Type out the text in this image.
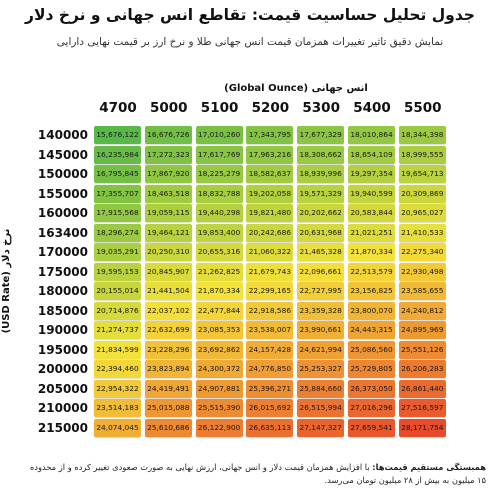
جدول تحلیل حساسیت قیمت: تقاطع انس جهانی و نرخ دلار
نمایش دقیق تاثیر تغییرات همزمان قیمت انس جهانی طلا و نرخ ارز بر قیمت نهایی دارایی
انس جهانی (Global Ounce)
نرخ دلار (USD Rate)
4700 5000 5100 5200 5300 5400 5500
140000	15,676,122	16,676,726	17,010,260	17,343,795	17,677,329	18,010,864	18,344,398
145000	16,235,984	17,272,323	17,617,769	17,963,216	18,308,662	18,654,109	18,999,555
150000	16,795,845	17,867,920	18,225,279	18,582,637	18,939,996	19,297,354	19,654,713
155000	17,355,707	18,463,518	18,832,788	19,202,058	19,571,329	19,940,599	20,309,869
160000	17,915,568	19,059,115	19,440,298	19,821,480	20,202,662	20,583,844	20,965,027
163400	18,296,274	19,464,121	19,853,400	20,242,686	20,631,968	21,021,251	21,410,533
170000	19,035,291	20,250,310	20,655,316	21,060,322	21,465,328	21,870,334	22,275,340
175000	19,595,153	20,845,907	21,262,825	21,679,743	22,096,661	22,513,579	22,930,498
180000	20,155,014	21,441,504	21,870,334	22,299,165	22,727,995	23,156,825	23,585,655
185000	20,714,876	22,037,102	22,477,844	22,918,586	23,359,328	23,800,070	24,240,812
190000	21,274,737	22,632,699	23,085,353	23,538,007	23,990,661	24,443,315	24,895,969
195000	21,834,599	23,228,296	23,692,862	24,157,428	24,621,994	25,086,560	25,551,126
200000	22,394,460	23,823,894	24,300,372	24,776,850	25,253,327	25,729,805	26,206,283
205000	22,954,322	24,419,491	24,907,881	25,396,271	25,884,660	26,373,050	26,861,440
210000	23,514,183	25,015,088	25,515,390	26,015,692	26,515,994	27,016,296	27,516,597
215000	24,074,045	25,610,686	26,122,900	26,635,113	27,147,327	27,659,541	28,171,754
همبستگی مستقیم قیمت‌ها: با افزایش همزمان قیمت دلار و انس جهانی، ارزش نهایی به صورت صعودی تغییر کرده و از محدوده
۱۵ میلیون به بیش از ۲۸ میلیون تومان می‌رسد.
